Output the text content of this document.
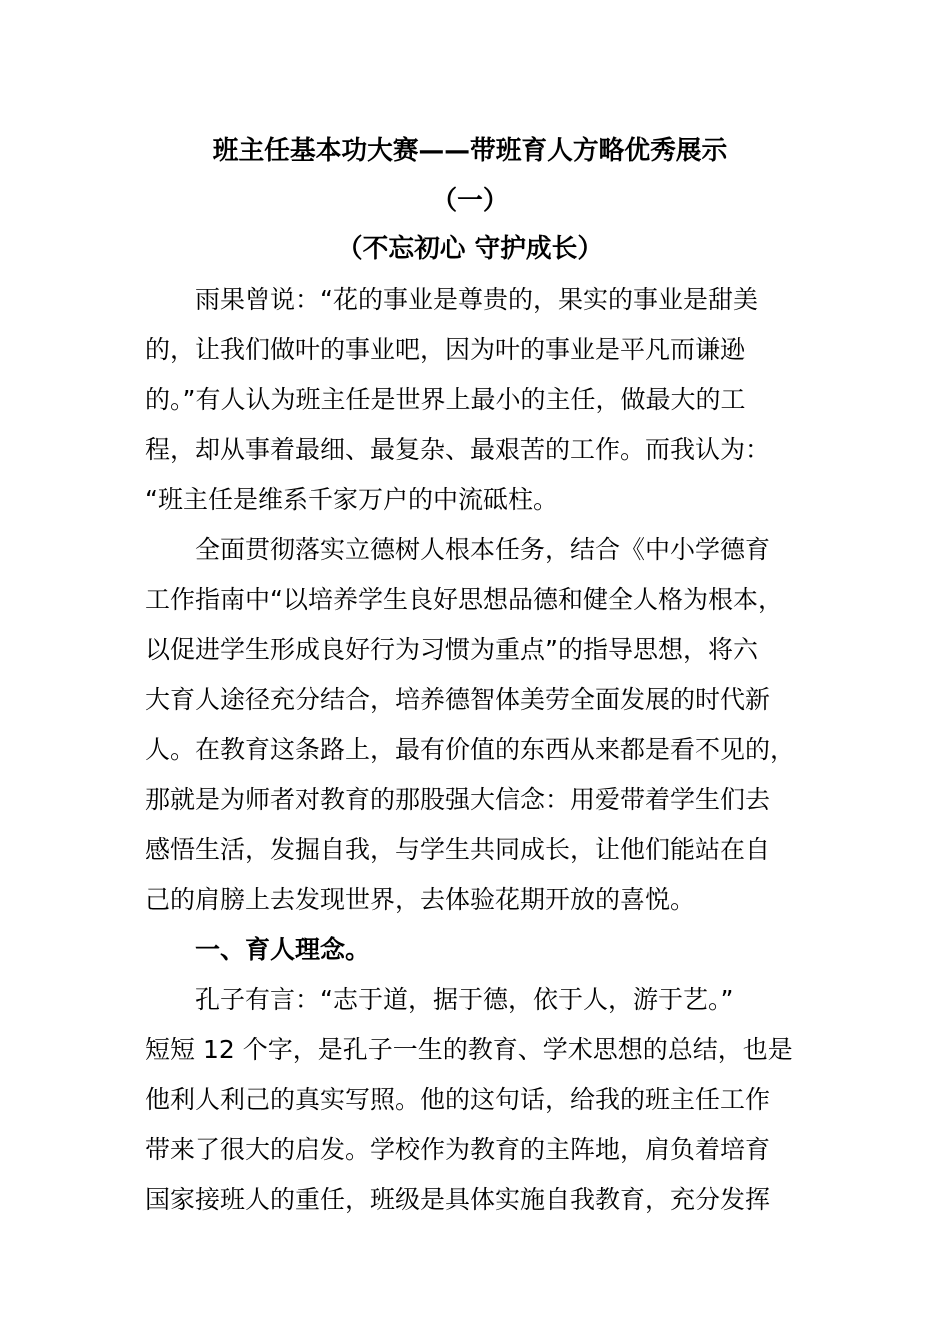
班主任基本功大赛——带班育人方略优秀展示
（一）
（不忘初心 守护成长）
雨果曾说：“花的事业是尊贵的，果实的事业是甜美
的，让我们做叶的事业吧，因为叶的事业是平凡而谦逊
的。”有人认为班主任是世界上最小的主任，做最大的工
程，却从事着最细、最复杂、最艰苦的工作。而我认为：
“班主任是维系千家万户的中流砥柱。
全面贯彻落实立德树人根本任务，结合《中小学德育
工作指南中“以培养学生良好思想品德和健全人格为根本，
以促进学生形成良好行为习惯为重点”的指导思想，将六
大育人途径充分结合，培养德智体美劳全面发展的时代新
人。在教育这条路上，最有价值的东西从来都是看不见的，
那就是为师者对教育的那股强大信念：用爱带着学生们去
感悟生活，发掘自我，与学生共同成长，让他们能站在自
己的肩膀上去发现世界，去体验花期开放的喜悦。
一、育人理念。
孔子有言：“志于道，据于德，依于人，游于艺。”
短短 12 个字，是孔子一生的教育、学术思想的总结，也是
他利人利己的真实写照。他的这句话，给我的班主任工作
带来了很大的启发。学校作为教育的主阵地，肩负着培育
国家接班人的重任，班级是具体实施自我教育，充分发挥
